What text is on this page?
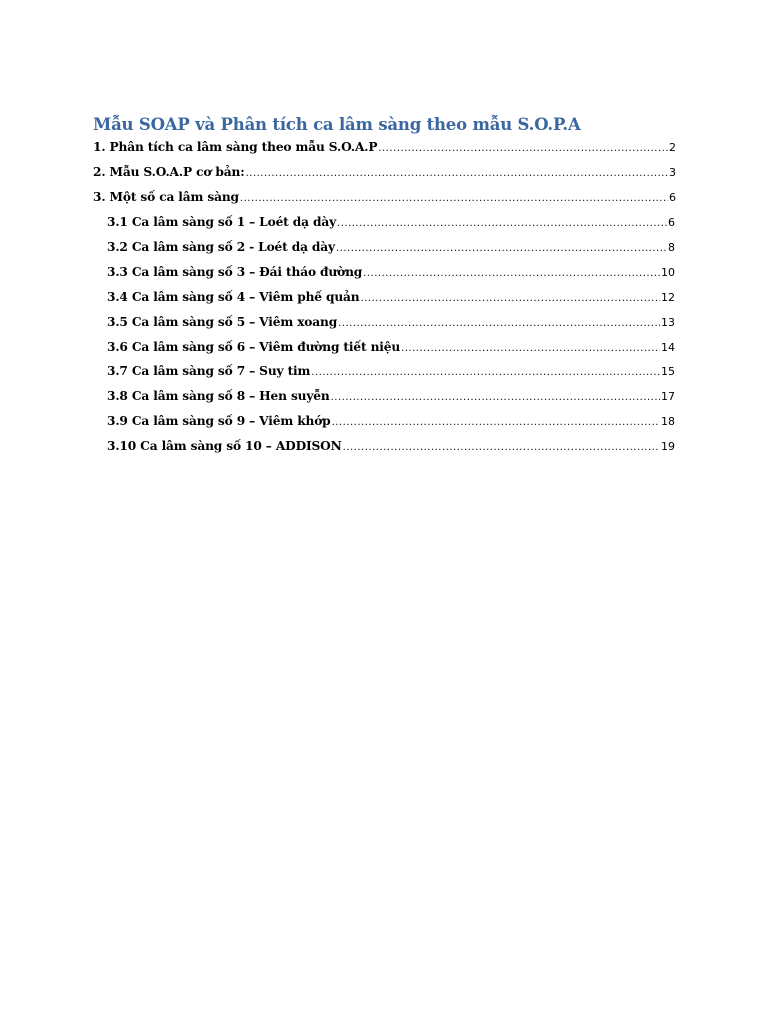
Mẫu SOAP và Phân tích ca lâm sàng theo mẫu S.O.P.A
1. Phân tích ca lâm sàng theo mẫu S.O.A.P .....	2
2. Mẫu S.O.A.P cơ bản: .....	3
3. Một số ca lâm sàng .....	6
3.1 Ca lâm sàng số 1 – Loét dạ dày .....	6
3.2 Ca lâm sàng số 2 - Loét dạ dày .....	8
3.3 Ca lâm sàng số 3 – Đái tháo đường .....	10
3.4 Ca lâm sàng số 4 – Viêm phế quản .....	12
3.5 Ca lâm sàng số 5 – Viêm xoang .....	13
3.6 Ca lâm sàng số 6 – Viêm đường tiết niệu .....	14
3.7 Ca lâm sàng số 7 – Suy tim .....	15
3.8 Ca lâm sàng số 8 – Hen suyễn .....	17
3.9 Ca lâm sàng số 9 – Viêm khớp .....	18
3.10 Ca lâm sàng số 10 – ADDISON .....	19
